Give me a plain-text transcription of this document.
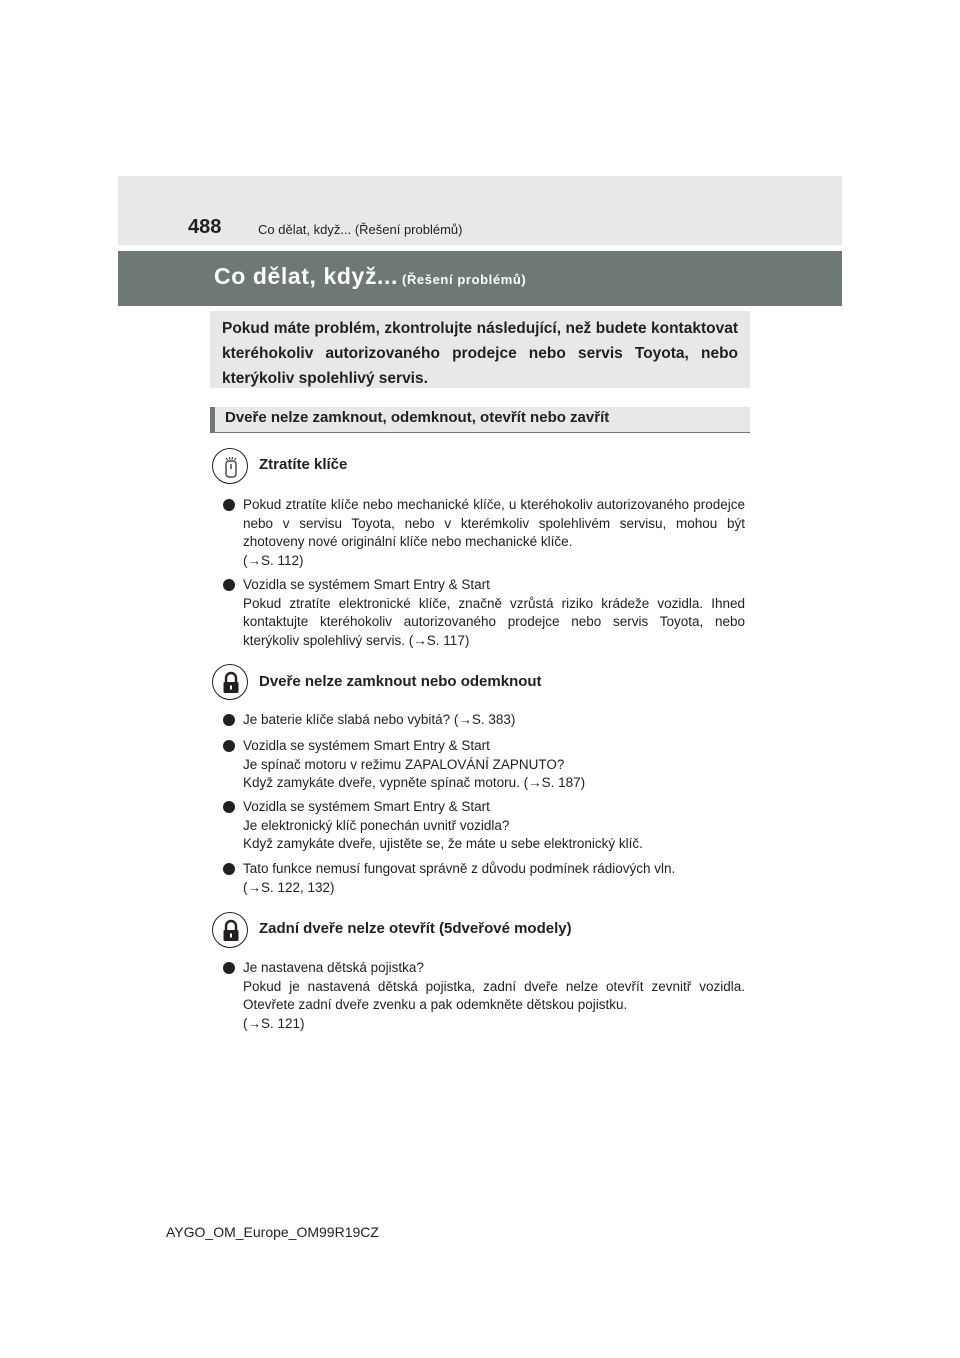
488	Co dělat, když... (Řešení problémů)
Co dělat, když... (Řešení problémů)
Pokud máte problém, zkontrolujte následující, než budete kontaktovat kteréhokoliv autorizovaného prodejce nebo servis Toyota, nebo kterýkoliv spolehlivý servis.
Dveře nelze zamknout, odemknout, otevřít nebo zavřít
Ztratíte klíče

Pokud ztratíte klíče nebo mechanické klíče, u kteréhokoliv autorizovaného prodejce nebo v servisu Toyota, nebo v kterémkoliv spolehlivém servisu, mohou být zhotoveny nové originální klíče nebo mechanické klíče.

(→S. 112)

Vozidla se systémem Smart Entry & Start

Pokud ztratíte elektronické klíče, značně vzrůstá riziko krádeže vozidla. Ihned kontaktujte kteréhokoliv autorizovaného prodejce nebo servis Toyota, nebo kterýkoliv spolehlivý servis. (→S. 117)

Dveře nelze zamknout nebo odemknout

Je baterie klíče slabá nebo vybitá? (→S. 383)

Vozidla se systémem Smart Entry & Start

Je spínač motoru v režimu ZAPALOVÁNÍ ZAPNUTO?

Když zamykáte dveře, vypněte spínač motoru. (→S. 187)

Vozidla se systémem Smart Entry & Start

Je elektronický klíč ponechán uvnitř vozidla?

Když zamykáte dveře, ujistěte se, že máte u sebe elektronický klíč.

Tato funkce nemusí fungovat správně z důvodu podmínek rádiových vln.

(→S. 122, 132)

Zadní dveře nelze otevřít (5dveřové modely)

Je nastavena dětská pojistka?

Pokud je nastavená dětská pojistka, zadní dveře nelze otevřít zevnitř vozidla. Otevřete zadní dveře zvenku a pak odemkněte dětskou pojistku.

(→S. 121)

AYGO_OM_Europe_OM99R19CZ
